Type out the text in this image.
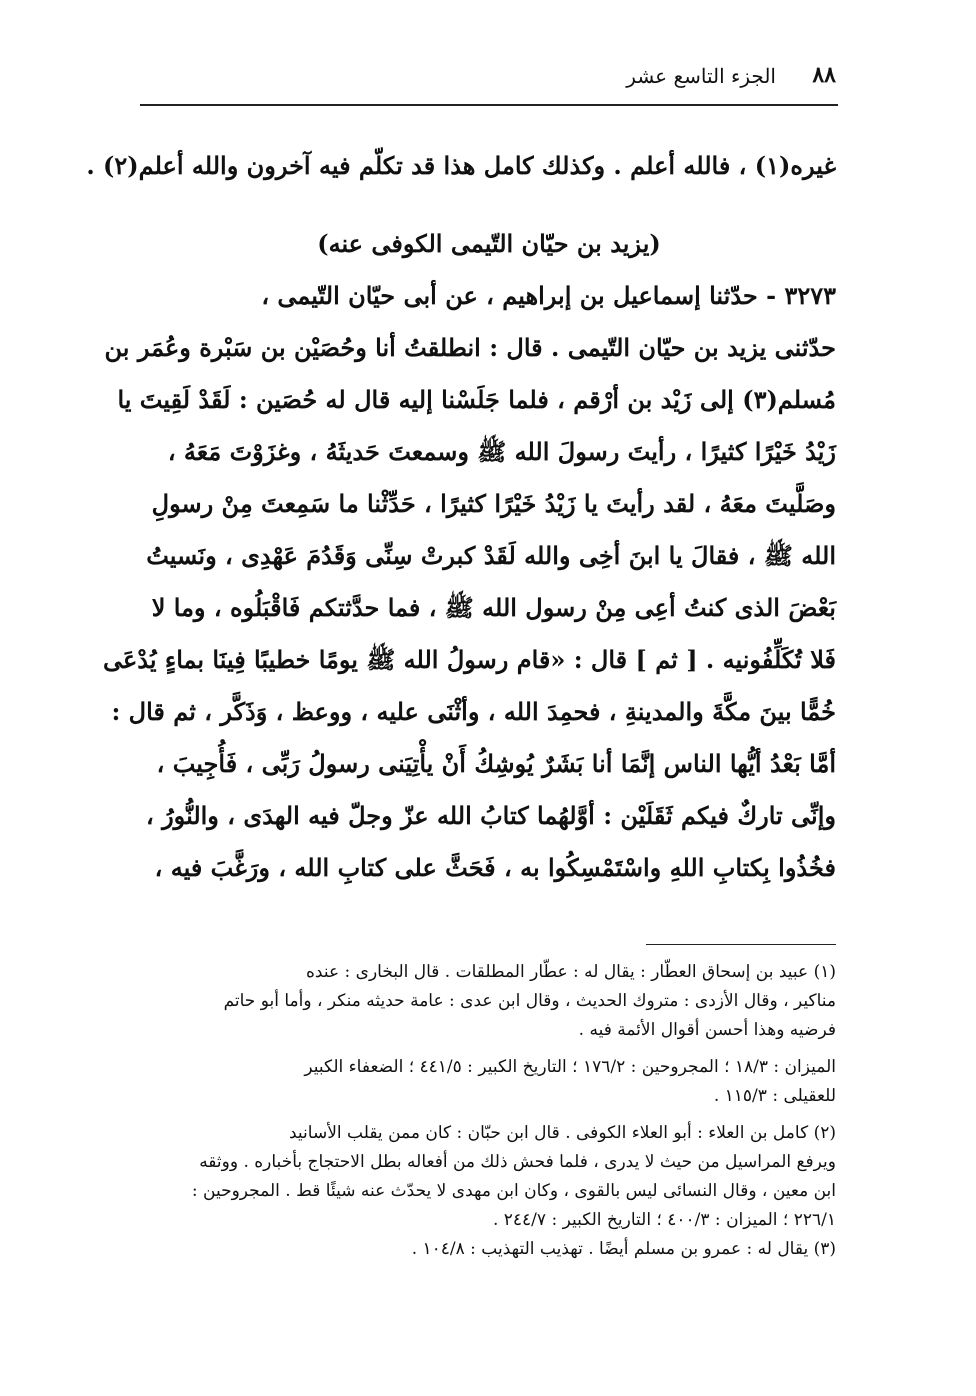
٨٨
الجزء التاسع عشر
غيره(١) ، فالله أعلم . وكذلك كامل هذا قد تكلّم فيه آخرون والله أعلم(٢) .
(يزيد بن حيّان التّيمى الكوفى عنه)
٣٢٧٣ - حدّثنا إسماعيل بن إبراهيم ، عن أبى حيّان التّيمى ،
حدّثنى يزيد بن حيّان التّيمى . قال : انطلقتُ أنا وحُصَيْن بن سَبْرة وعُمَر بن
مُسلم(٣) إلى زَيْد بن أرْقم ، فلما جَلَسْنا إليه قال له حُصَين : لَقَدْ لَقِيتَ يا
زَيْدُ خَيْرًا كثيرًا ، رأيتَ رسولَ الله ﷺ وسمعتَ حَديثَهُ ، وغزَوْتَ مَعَهُ ،
وصَلَّيتَ معَهُ ، لقد رأيتَ يا زَيْدُ خَيْرًا كثيرًا ، حَدِّثْنا ما سَمِعتَ مِنْ رسولِ
الله ﷺ ، فقالَ يا ابنَ أخِى والله لَقَدْ كبرتْ سِنِّى وَقَدُمَ عَهْدِى ، ونَسيتُ
بَعْضَ الذى كنتُ أعِى مِنْ رسول الله ﷺ ، فما حدَّثتكم فَاقْبَلُوه ، وما لا
فَلا تُكَلِّفُونيه . [ ثم ] قال : «قام رسولُ الله ﷺ يومًا خطيبًا فِينَا بماءٍ يُدْعَى
خُمًّا بينَ مكَّةَ والمدينةِ ، فحمِدَ الله ، وأثْنَى عليه ، ووعظ ، وَذَكَّر ، ثم قال :
أمَّا بَعْدُ أيُّها الناس إنَّمَا أنا بَشَرٌ يُوشِكُ أَنْ يأْتِيَنى رسولُ رَبِّى ، فَأُجِيبَ ،
وإنِّى تاركٌ فيكم ثَقَلَيْن : أوَّلهُما كتابُ الله عزّ وجلّ فيه الهدَى ، والنُّورُ ،
فخُذُوا بِكتابِ اللهِ واسْتَمْسِكُوا به ، فَحَثَّ على كتابِ الله ، ورَغَّبَ فيه ،
(١) عبيد بن إسحاق العطّار : يقال له : عطّار المطلقات . قال البخارى : عنده
مناكير ، وقال الأزدى : متروك الحديث ، وقال ابن عدى : عامة حديثه منكر ، وأما أبو حاتم
فرضيه وهذا أحسن أقوال الأئمة فيه .
الميزان : ١٨/٣ ؛ المجروحين : ١٧٦/٢ ؛ التاريخ الكبير : ٤٤١/٥ ؛ الضعفاء الكبير
للعقيلى : ١١٥/٣ .
(٢) كامل بن العلاء : أبو العلاء الكوفى . قال ابن حبّان : كان ممن يقلب الأسانيد
ويرفع المراسيل من حيث لا يدرى ، فلما فحش ذلك من أفعاله بطل الاحتجاج بأخباره . ووثقه
ابن معين ، وقال النسائى ليس بالقوى ، وكان ابن مهدى لا يحدّث عنه شيئًا قط . المجروحين :
٢٢٦/١ ؛ الميزان : ٤٠٠/٣ ؛ التاريخ الكبير : ٢٤٤/٧ .
(٣) يقال له : عمرو بن مسلم أيضًا . تهذيب التهذيب : ١٠٤/٨ .
